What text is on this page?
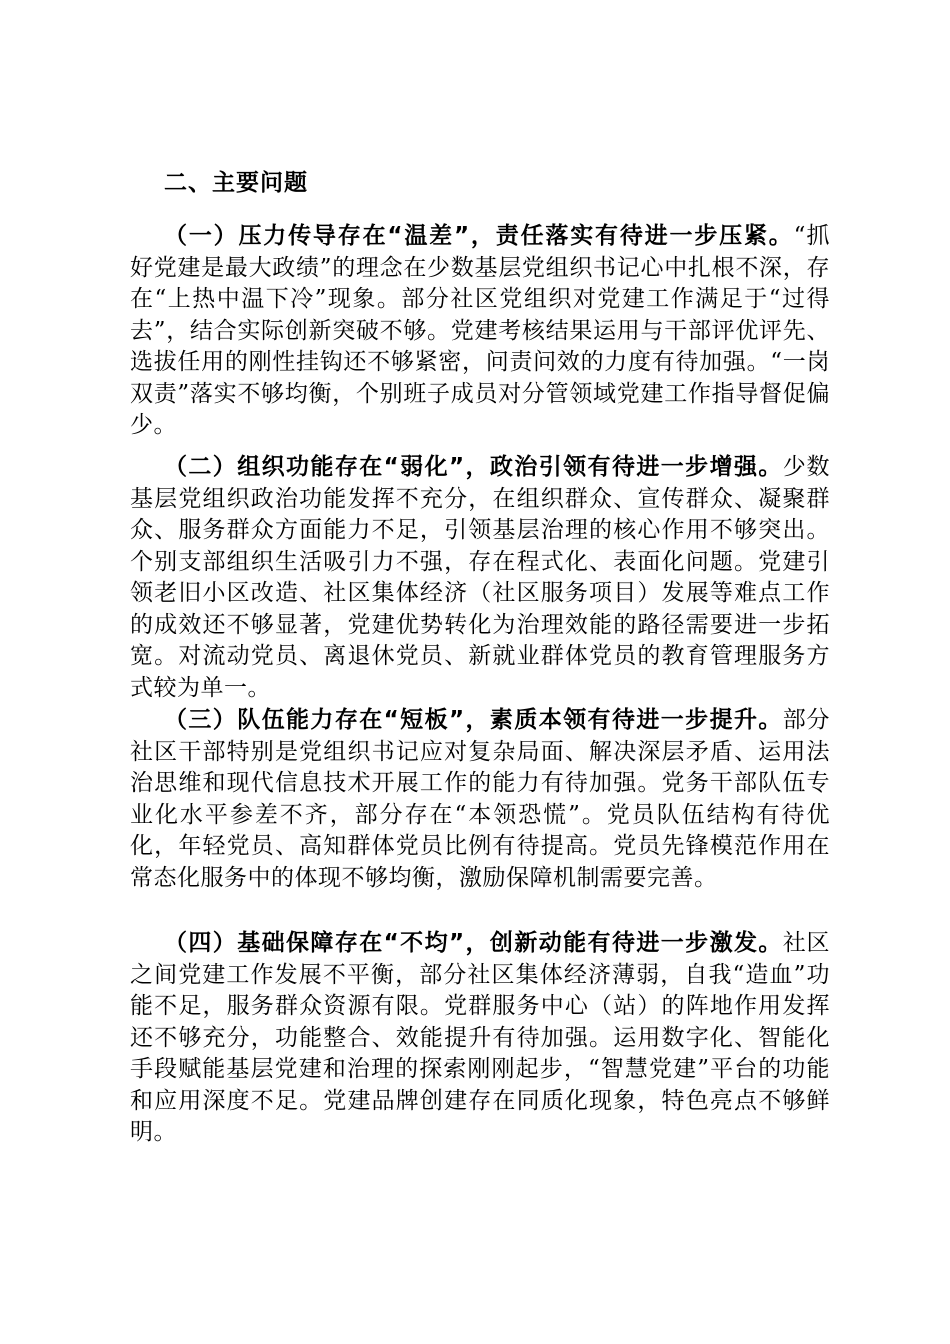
二、主要问题

（一）压力传导存在“温差”，责任落实有待进一步压紧。“抓好党建是最大政绩”的理念在少数基层党组织书记心中扎根不深，存在“上热中温下冷”现象。部分社区党组织对党建工作满足于“过得去”，结合实际创新突破不够。党建考核结果运用与干部评优评先、选拔任用的刚性挂钩还不够紧密，问责问效的力度有待加强。“一岗双责”落实不够均衡，个别班子成员对分管领域党建工作指导督促偏少。

（二）组织功能存在“弱化”，政治引领有待进一步增强。少数基层党组织政治功能发挥不充分，在组织群众、宣传群众、凝聚群众、服务群众方面能力不足，引领基层治理的核心作用不够突出。个别支部组织生活吸引力不强，存在程式化、表面化问题。党建引领老旧小区改造、社区集体经济（社区服务项目）发展等难点工作的成效还不够显著，党建优势转化为治理效能的路径需要进一步拓宽。对流动党员、离退休党员、新就业群体党员的教育管理服务方式较为单一。

（三）队伍能力存在“短板”，素质本领有待进一步提升。部分社区干部特别是党组织书记应对复杂局面、解决深层矛盾、运用法治思维和现代信息技术开展工作的能力有待加强。党务干部队伍专业化水平参差不齐，部分存在“本领恐慌”。党员队伍结构有待优化，年轻党员、高知群体党员比例有待提高。党员先锋模范作用在常态化服务中的体现不够均衡，激励保障机制需要完善。

（四）基础保障存在“不均”，创新动能有待进一步激发。社区之间党建工作发展不平衡，部分社区集体经济薄弱，自我“造血”功能不足，服务群众资源有限。党群服务中心（站）的阵地作用发挥还不够充分，功能整合、效能提升有待加强。运用数字化、智能化手段赋能基层党建和治理的探索刚刚起步，“智慧党建”平台的功能和应用深度不足。党建品牌创建存在同质化现象，特色亮点不够鲜明。
